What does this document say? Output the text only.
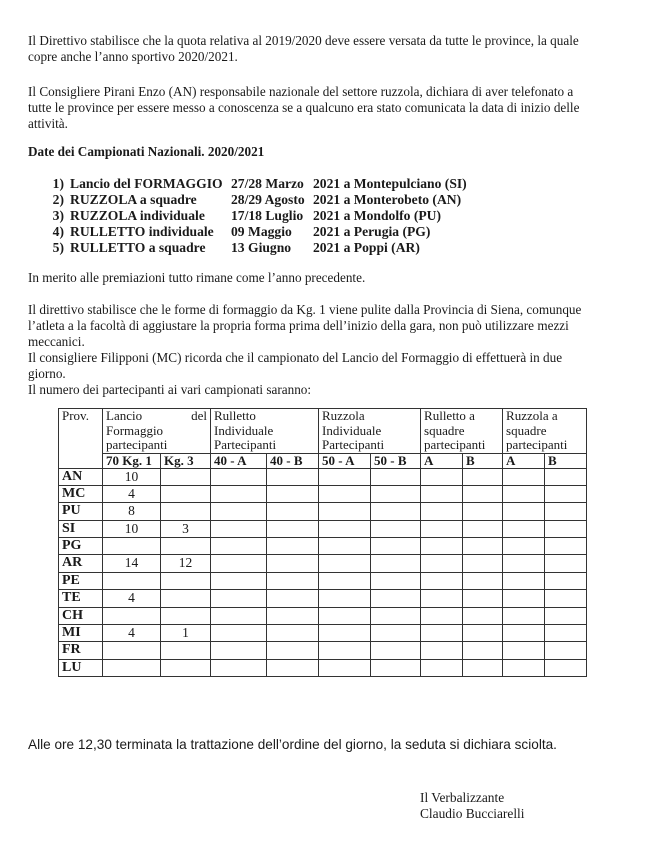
Il Direttivo stabilisce che la quota relativa al 2019/2020 deve essere versata da tutte le province, la quale
copre anche l’anno sportivo 2020/2021.
Il Consigliere Pirani Enzo (AN) responsabile nazionale del settore ruzzola, dichiara di aver telefonato a
tutte le province per essere messo a conoscenza se a qualcuno era stato comunicata la data di inizio delle
attività.
Date dei Campionati Nazionali. 2020/2021
1) Lancio del FORMAGGIO 27/28 Marzo 2021 a Montepulciano (SI)
2) RUZZOLA a squadre	28/29 Agosto 2021 a Monterobeto (AN)
3) RUZZOLA individuale 17/18 Luglio 2021 a Mondolfo (PU)
4) RULLETTO individuale 09 Maggio 2021 a Perugia (PG)
5) RULLETTO a squadre 13 Giugno 2021 a Poppi (AR)
In merito alle premiazioni tutto rimane come l’anno precedente.
Il direttivo stabilisce che le forme di formaggio da Kg. 1 viene pulite dalla Provincia di Siena, comunque
l’atleta a la facoltà di aggiustare la propria forma prima dell’inizio della gara, non può utilizzare mezzi
meccanici.
Il consigliere Filipponi (MC) ricorda che il campionato del Lancio del Formaggio di effettuerà in due
giorno.
Il numero dei partecipanti ai vari campionati saranno:
Prov.	Lancio del
Formaggio
partecipanti		Rulletto Individuale Partecipanti		Ruzzola Individuale Partecipanti		Rulletto a squadre partecipanti		Ruzzola a squadre partecipanti	
	70 Kg. 1	Kg. 3	40 - A	40 - B	50 - A	50 - B	A	B	A	B
AN	10									
MC	4									
PU	8									
SI	10	3								
PG										
AR	14	12								
PE										
TE	4									
CH										
MI	4	1								
FR										
LU										
Alle ore 12,30 terminata la trattazione dell’ordine del giorno, la seduta si dichiara sciolta.
Il Verbalizzante
Claudio Bucciarelli
